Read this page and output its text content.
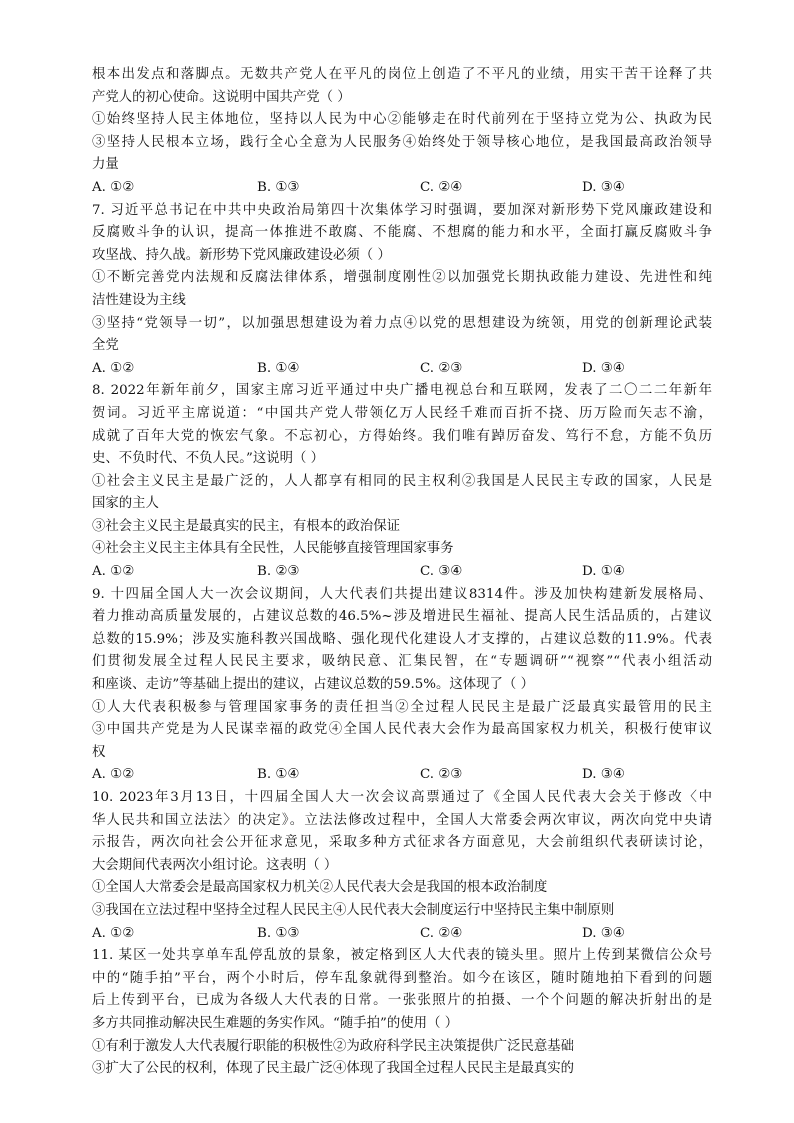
根本出发点和落脚点。无数共产党人在平凡的岗位上创造了不平凡的业绩，用实干苦干诠释了共
产党人的初心使命。这说明中国共产党（ ）
①始终坚持人民主体地位，坚持以人民为中心②能够走在时代前列在于坚持立党为公、执政为民
③坚持人民根本立场，践行全心全意为人民服务④始终处于领导核心地位，是我国最高政治领导
力量
A. ①②	B. ①③	C. ②④	D. ③④
7. 习近平总书记在中共中央政治局第四十次集体学习时强调，要加深对新形势下党风廉政建设和
反腐败斗争的认识，提高一体推进不敢腐、不能腐、不想腐的能力和水平，全面打赢反腐败斗争
攻坚战、持久战。新形势下党风廉政建设必须（ ）
①不断完善党内法规和反腐法律体系，增强制度刚性②以加强党长期执政能力建设、先进性和纯
洁性建设为主线
③坚持“党领导一切”，以加强思想建设为着力点④以党的思想建设为统领，用党的创新理论武装
全党
A. ①②	B. ①④	C. ②③	D. ③④
8. 2022年新年前夕，国家主席习近平通过中央广播电视总台和互联网，发表了二〇二二年新年
贺词。习近平主席说道：“中国共产党人带领亿万人民经千难而百折不挠、历万险而矢志不渝，
成就了百年大党的恢宏气象。不忘初心，方得始终。我们唯有踔厉奋发、笃行不怠，方能不负历
史、不负时代、不负人民。”这说明（ ）
①社会主义民主是最广泛的，人人都享有相同的民主权利②我国是人民民主专政的国家，人民是
国家的主人
③社会主义民主是最真实的民主，有根本的政治保证
④社会主义民主主体具有全民性，人民能够直接管理国家事务
A. ①②	B. ②③	C. ③④	D. ①④
9. 十四届全国人大一次会议期间，人大代表们共提出建议8314件。涉及加快构建新发展格局、
着力推动高质量发展的，占建议总数的46.5%~涉及增进民生福祉、提高人民生活品质的，占建议
总数的15.9%；涉及实施科教兴国战略、强化现代化建设人才支撑的，占建议总数的11.9%。代表
们贯彻发展全过程人民民主要求，吸纳民意、汇集民智，在“专题调研”“视察”“代表小组活动
和座谈、走访”等基础上提出的建议，占建议总数的59.5%。这体现了（ ）
①人大代表积极参与管理国家事务的责任担当②全过程人民民主是最广泛最真实最管用的民主
③中国共产党是为人民谋幸福的政党④全国人民代表大会作为最高国家权力机关，积极行使审议
权
A. ①②	B. ①④	C. ②③	D. ③④
10. 2023年3月13日，十四届全国人大一次会议高票通过了《全国人民代表大会关于修改〈中
华人民共和国立法法〉的决定》。立法法修改过程中，全国人大常委会两次审议，两次向党中央请
示报告，两次向社会公开征求意见，采取多种方式征求各方面意见，大会前组织代表研读讨论，
大会期间代表两次小组讨论。这表明（ ）
①全国人大常委会是最高国家权力机关②人民代表大会是我国的根本政治制度
③我国在立法过程中坚持全过程人民民主④人民代表大会制度运行中坚持民主集中制原则
A. ①②	B. ①③	C. ②④	D. ③④
11. 某区一处共享单车乱停乱放的景象，被定格到区人大代表的镜头里。照片上传到某微信公众号
中的“随手拍”平台，两个小时后，停车乱象就得到整治。如今在该区，随时随地拍下看到的问题
后上传到平台，已成为各级人大代表的日常。一张张照片的拍摄、一个个问题的解决折射出的是
多方共同推动解决民生难题的务实作风。“随手拍”的使用（ ）
①有利于激发人大代表履行职能的积极性②为政府科学民主决策提供广泛民意基础
③扩大了公民的权利，体现了民主最广泛④体现了我国全过程人民民主是最真实的
